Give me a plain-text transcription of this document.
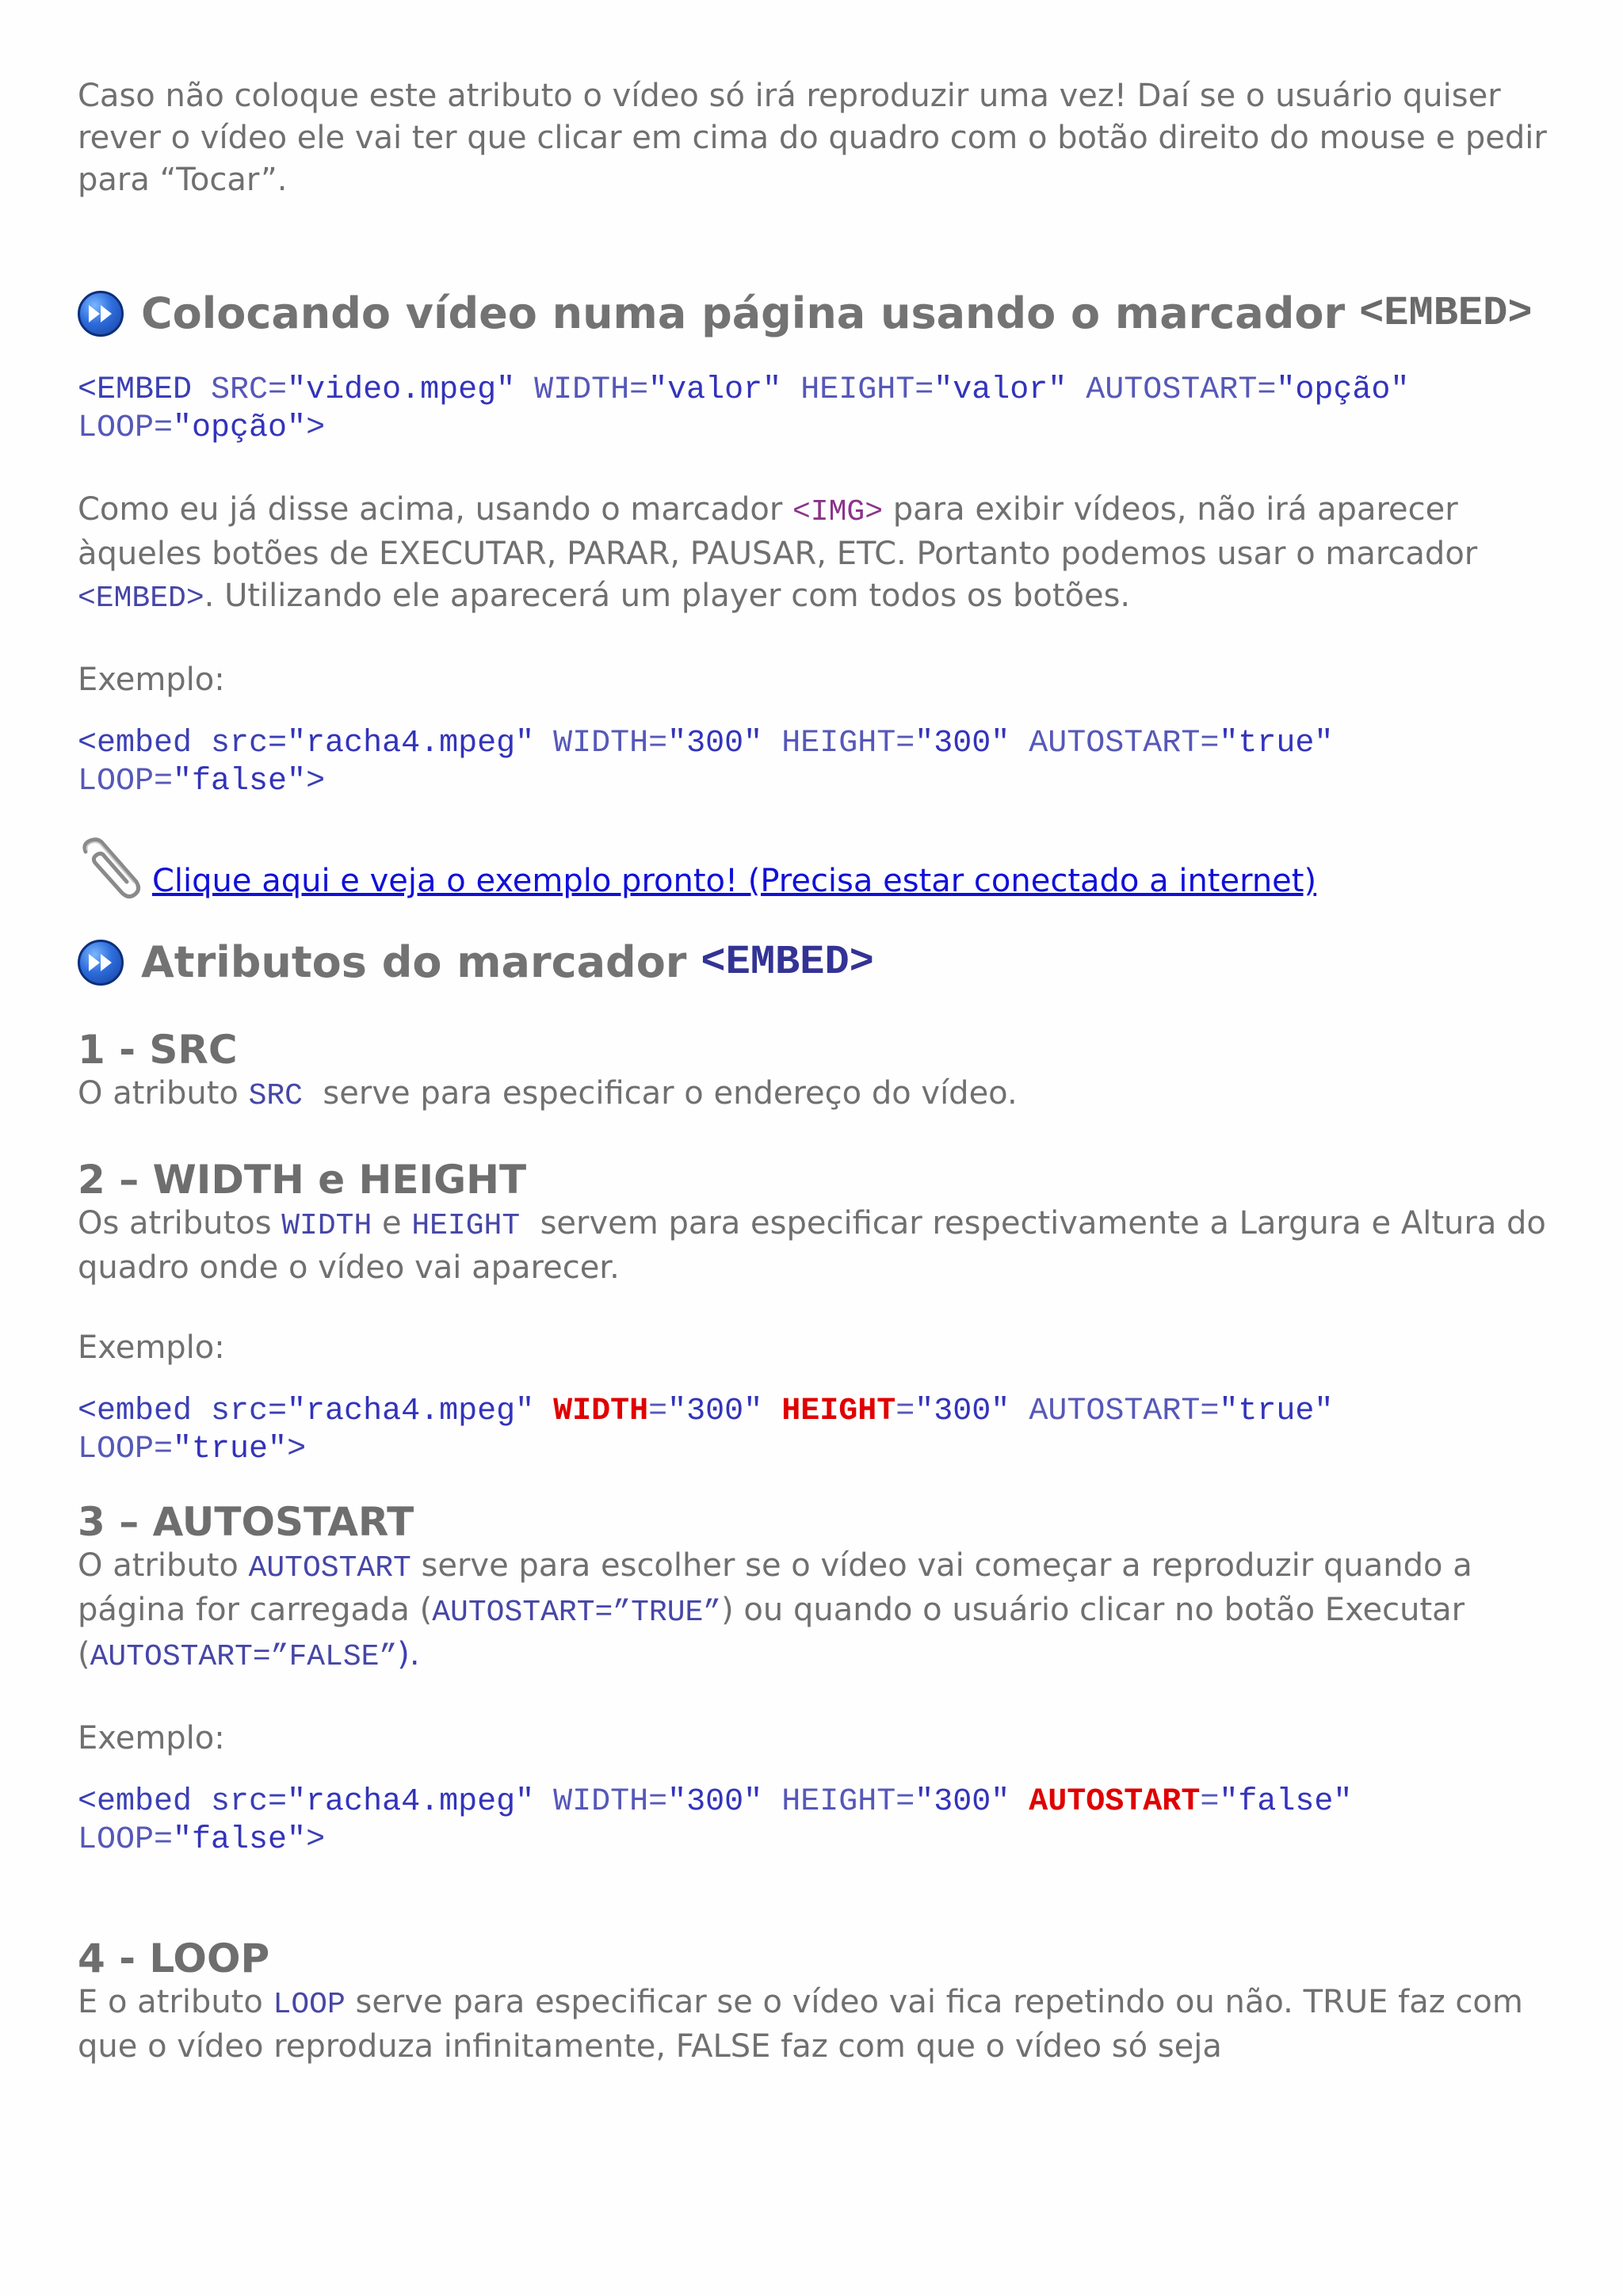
Caso não coloque este atributo o vídeo só irá reproduzir uma vez! Daí se o usuário quiser rever o vídeo ele vai ter que clicar em cima do quadro com o botão direito do mouse e pedir para “Tocar”.

Colocando vídeo numa página usando o marcador <EMBED>

<EMBED SRC="video.mpeg" WIDTH="valor" HEIGHT="valor" AUTOSTART="opção" LOOP="opção">

Como eu já disse acima, usando o marcador <IMG> para exibir vídeos, não irá aparecer àqueles botões de EXECUTAR, PARAR, PAUSAR, ETC. Portanto podemos usar o marcador <EMBED>. Utilizando ele aparecerá um player com todos os botões.

Exemplo:

<embed src="racha4.mpeg" WIDTH="300" HEIGHT="300" AUTOSTART="true" LOOP="false">

Clique aqui e veja o exemplo pronto! (Precisa estar conectado a internet)
Atributos do marcador <EMBED>

1 - SRC

O atributo SRC  serve para especificar o endereço do vídeo.

2 – WIDTH e HEIGHT

Os atributos WIDTH e HEIGHT  servem para especificar respectivamente a Largura e Altura do quadro onde o vídeo vai aparecer.

Exemplo:

<embed src="racha4.mpeg" WIDTH="300" HEIGHT="300" AUTOSTART="true" LOOP="true">

3 – AUTOSTART

O atributo AUTOSTART serve para escolher se o vídeo vai começar a reproduzir quando a página for carregada (AUTOSTART=”TRUE”) ou quando o usuário clicar no botão Executar (AUTOSTART=”FALSE”).

Exemplo:

<embed src="racha4.mpeg" WIDTH="300" HEIGHT="300" AUTOSTART="false" LOOP="false">

4 - LOOP

E o atributo LOOP serve para especificar se o vídeo vai fica repetindo ou não. TRUE faz com que o vídeo reproduza infinitamente, FALSE faz com que o vídeo só seja
